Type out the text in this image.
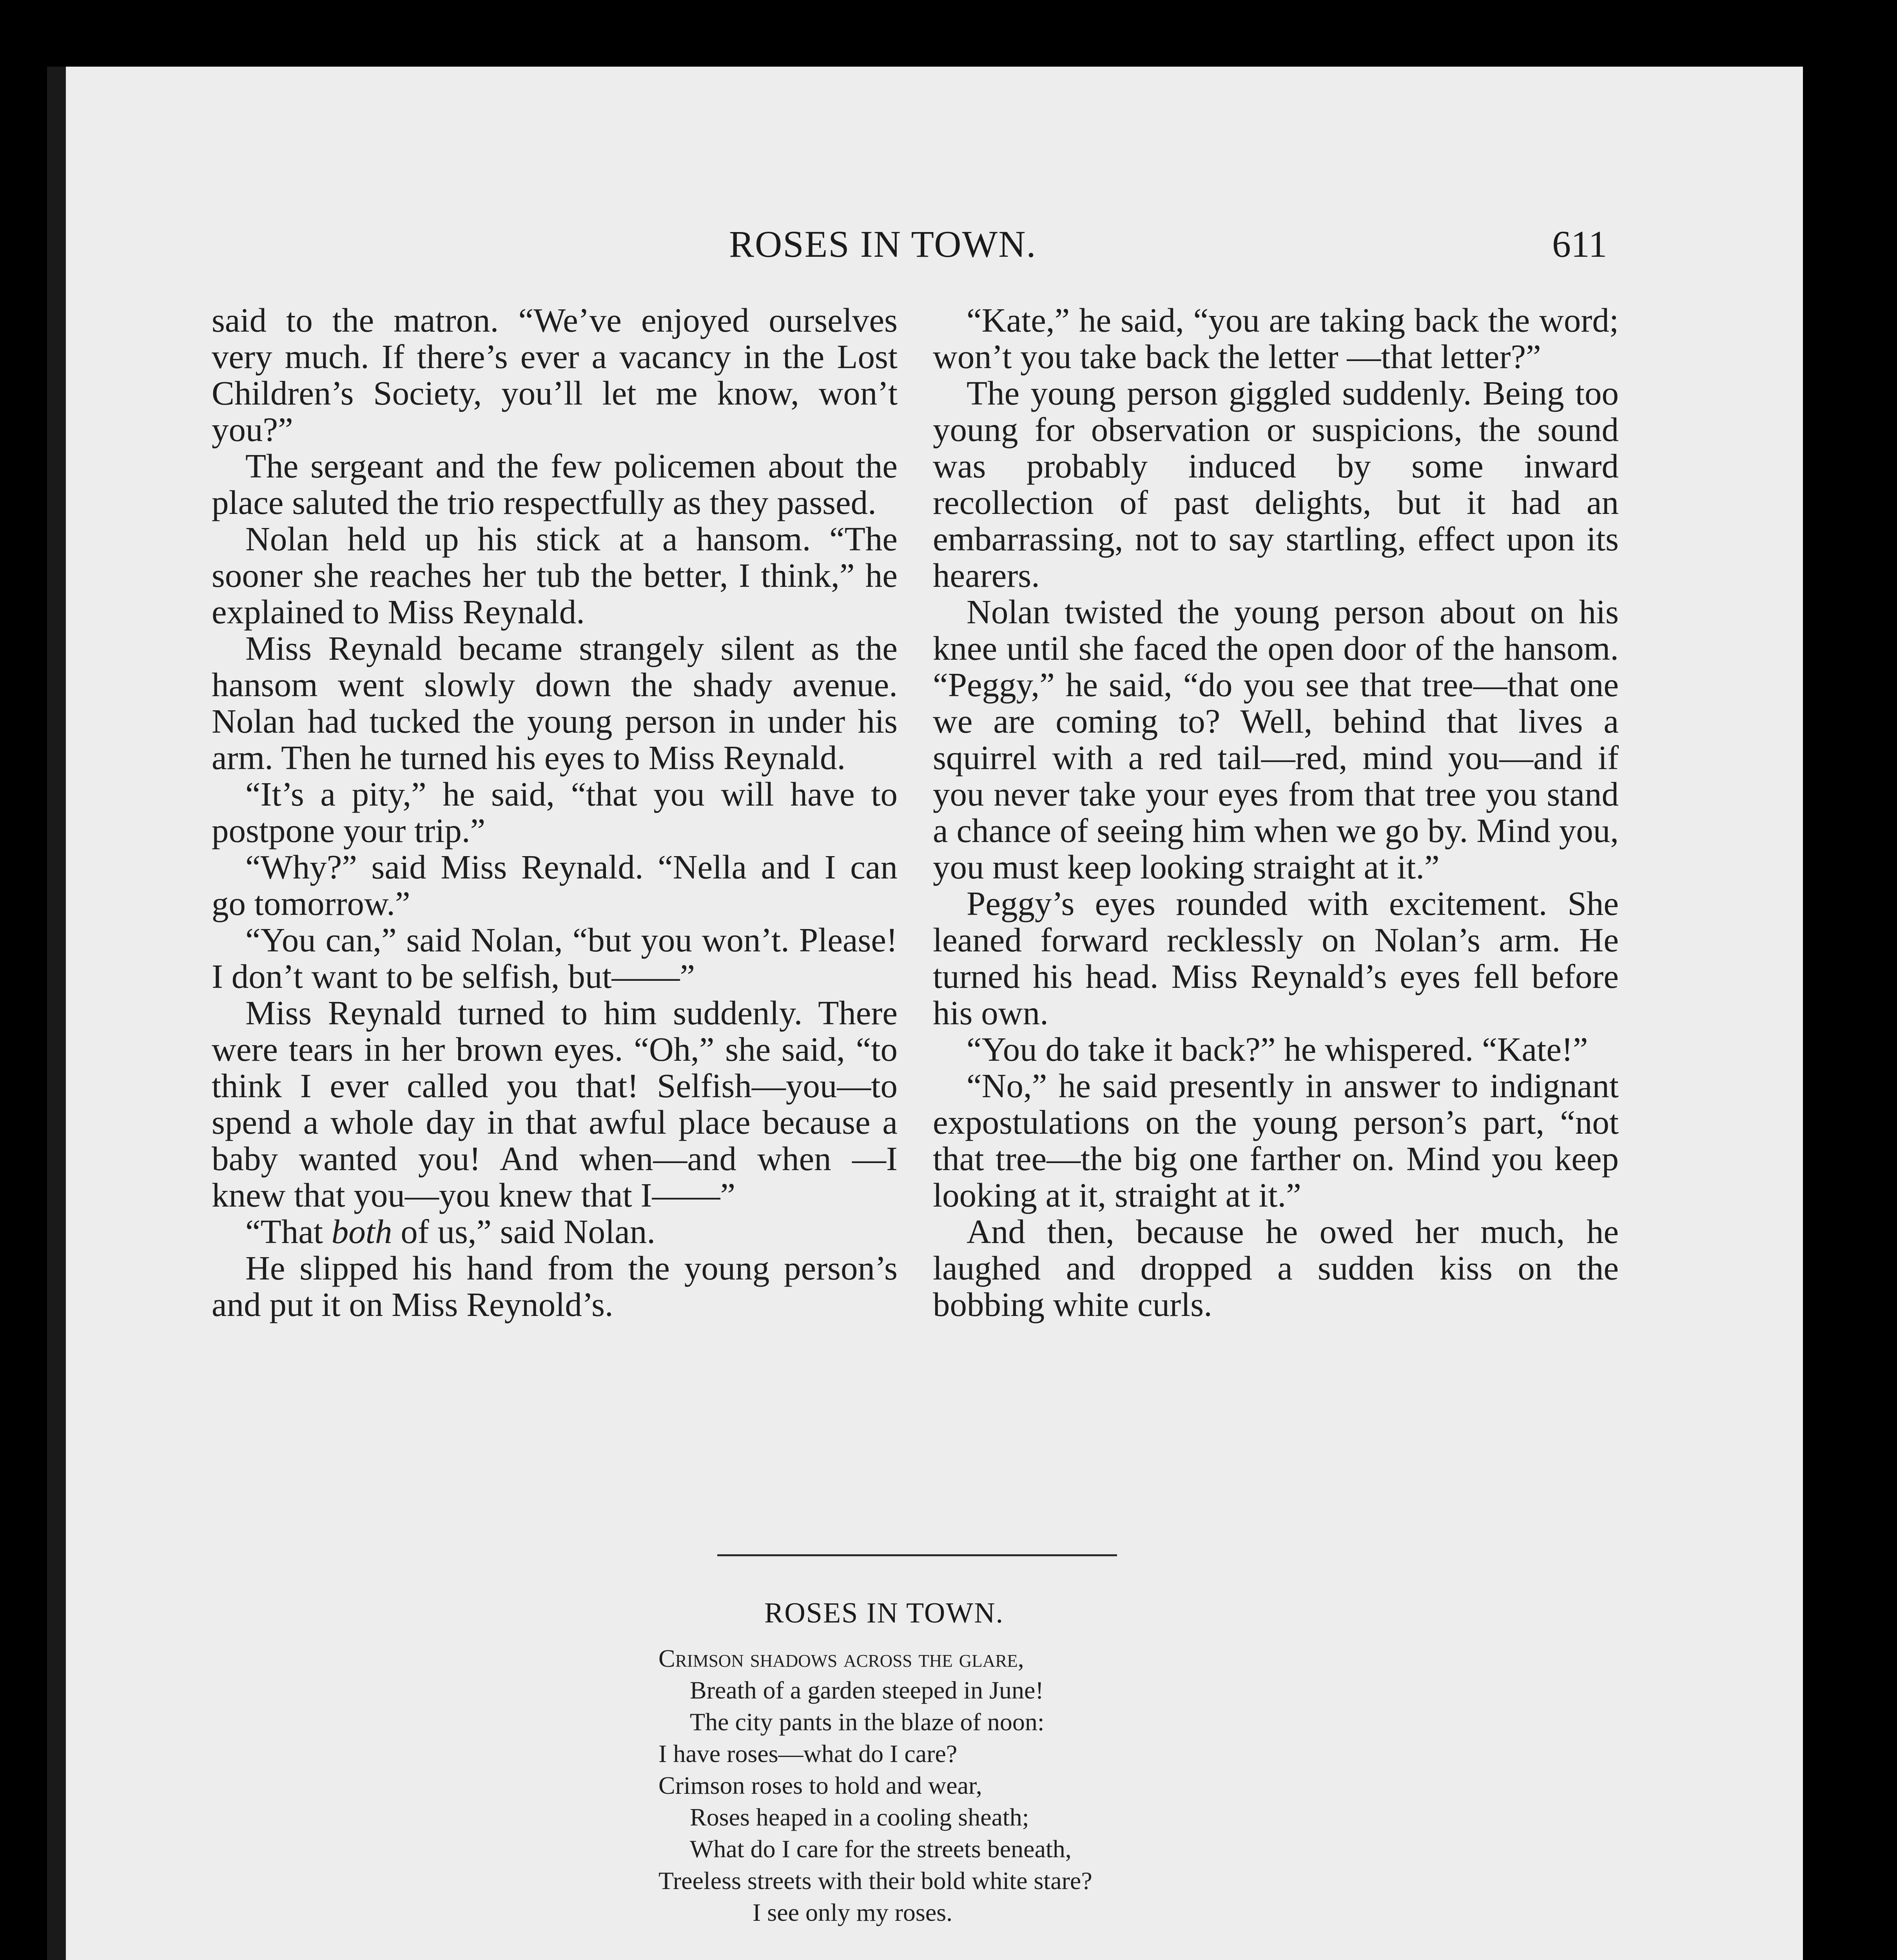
ROSES IN TOWN.	611

said to the matron. “We’ve enjoyed ourselves very much. If there’s ever a vacancy in the Lost Children’s Society, you’ll let me know, won’t you?”

The sergeant and the few policemen about the place saluted the trio respectfully as they passed.

Nolan held up his stick at a hansom. “The sooner she reaches her tub the better, I think,” he explained to Miss Reynald.

Miss Reynald became strangely silent as the hansom went slowly down the shady avenue. Nolan had tucked the young person in under his arm. Then he turned his eyes to Miss Reynald.

“It’s a pity,” he said, “that you will have to postpone your trip.”

“Why?” said Miss Reynald. “Nella and I can go tomorrow.”

“You can,” said Nolan, “but you won’t. Please! I don’t want to be selfish, but——”

Miss Reynald turned to him suddenly. There were tears in her brown eyes. “Oh,” she said, “to think I ever called you that! Selfish—you—to spend a whole day in that awful place because a baby wanted you! And when—and when —I knew that you—you knew that I——”

“That both of us,” said Nolan.

He slipped his hand from the young person’s and put it on Miss Reynold’s.

“Kate,” he said, “you are taking back the word; won’t you take back the letter —that letter?”

The young person giggled suddenly. Being too young for observation or suspicions, the sound was probably induced by some inward recollection of past delights, but it had an embarrassing, not to say startling, effect upon its hearers.

Nolan twisted the young person about on his knee until she faced the open door of the hansom. “Peggy,” he said, “do you see that tree—that one we are coming to? Well, behind that lives a squirrel with a red tail—red, mind you—and if you never take your eyes from that tree you stand a chance of seeing him when we go by. Mind you, you must keep looking straight at it.”

Peggy’s eyes rounded with excitement. She leaned forward recklessly on Nolan’s arm. He turned his head. Miss Reynald’s eyes fell before his own.

“You do take it back?” he whispered. “Kate!”

“No,” he said presently in answer to indignant expostulations on the young person’s part, “not that tree—the big one farther on. Mind you keep looking at it, straight at it.”

And then, because he owed her much, he laughed and dropped a sudden kiss on the bobbing white curls.

ROSES IN TOWN.
Crimson shadows across the glare,
Breath of a garden steeped in June!
The city pants in the blaze of noon:
I have roses—what do I care?
Crimson roses to hold and wear,
Roses heaped in a cooling sheath;
What do I care for the streets beneath,
Treeless streets with their bold white stare?
I see only my roses.
